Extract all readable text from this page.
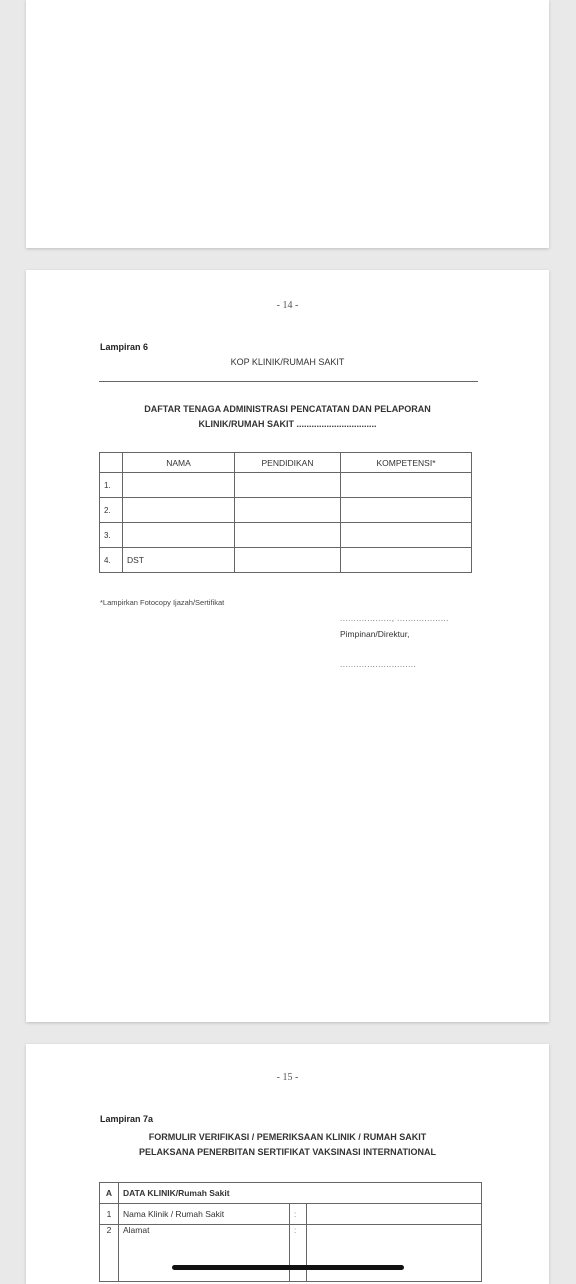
- 14 -
Lampiran 6
KOP KLINIK/RUMAH SAKIT
DAFTAR TENAGA ADMINISTRASI PENCATATAN DAN PELAPORAN
KLINIK/RUMAH SAKIT ................................
	NAMA	PENDIDIKAN	KOMPETENSI*
1.			
2.			
3.			
4.	DST		
*Lampirkan Fotocopy Ijazah/Sertifikat
..................., ...................
Pimpinan/Direktur,
............................
- 15 -
Lampiran 7a
FORMULIR VERIFIKASI / PEMERIKSAAN KLINIK / RUMAH SAKIT
PELAKSANA PENERBITAN SERTIFIKAT VAKSINASI INTERNATIONAL
A	DATA KLINIK/Rumah Sakit		
1	Nama Klinik / Rumah Sakit	:	
2	Alamat	:	
